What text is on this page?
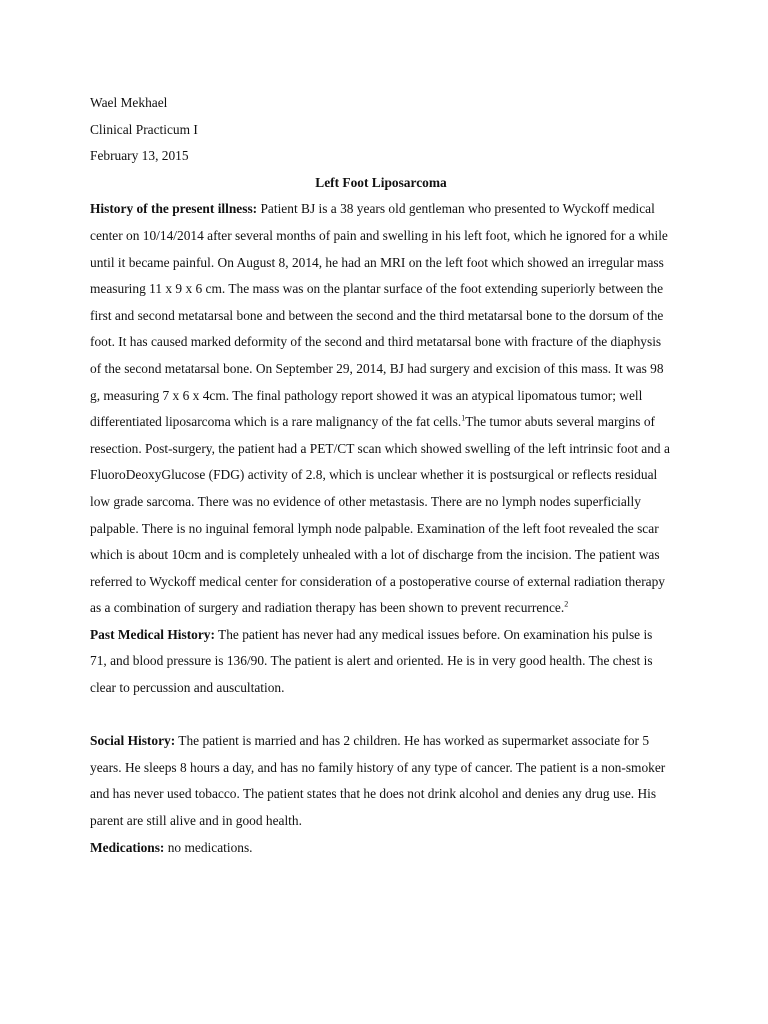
Wael Mekhael

Clinical Practicum I

February 13, 2015

Left Foot Liposarcoma

History of the present illness: Patient BJ is a 38 years old gentleman who presented to Wyckoff medical center on 10/14/2014 after several months of pain and swelling in his left foot, which he ignored for a while until it became painful. On August 8, 2014, he had an MRI on the left foot which showed an irregular mass measuring 11 x 9 x 6 cm. The mass was on the plantar surface of the foot extending superiorly between the first and second metatarsal bone and between the second and the third metatarsal bone to the dorsum of the foot. It has caused marked deformity of the second and third metatarsal bone with fracture of the diaphysis of the second metatarsal bone. On September 29, 2014, BJ had surgery and excision of this mass. It was 98 g, measuring 7 x 6 x 4cm. The final pathology report showed it was an atypical lipomatous tumor; well differentiated liposarcoma which is a rare malignancy of the fat cells.$^1$The tumor abuts several margins of resection. Post-surgery, the patient had a PET/CT scan which showed swelling of the left intrinsic foot and a FluoroDeoxyGlucose (FDG) activity of 2.8, which is unclear whether it is postsurgical or reflects residual low grade sarcoma. There was no evidence of other metastasis. There are no lymph nodes superficially palpable. There is no inguinal femoral lymph node palpable. Examination of the left foot revealed the scar which is about 10cm and is completely unhealed with a lot of discharge from the incision. The patient was referred to Wyckoff medical center for consideration of a postoperative course of external radiation therapy as a combination of surgery and radiation therapy has been shown to prevent recurrence.$^2$

Past Medical History: The patient has never had any medical issues before. On examination his pulse is 71, and blood pressure is 136/90. The patient is alert and oriented. He is in very good health. The chest is clear to percussion and auscultation.

Social History: The patient is married and has 2 children. He has worked as supermarket associate for 5 years. He sleeps 8 hours a day, and has no family history of any type of cancer. The patient is a non-smoker and has never used tobacco. The patient states that he does not drink alcohol and denies any drug use. His parent are still alive and in good health.

Medications: no medications.
